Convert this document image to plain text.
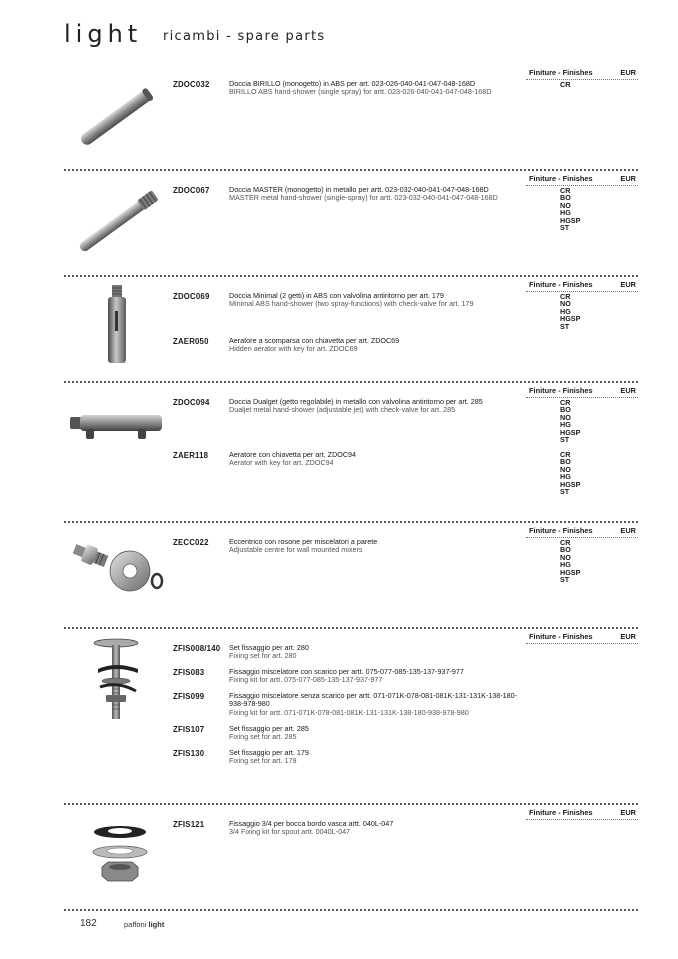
light ricambi - spare parts
Finiture - Finishes	EUR
ZDOC032	Doccia BIRILLO (monogetto) in ABS per art. 023-026-040-041-047-048-168D
BIRILLO ABS hand-shower (single spray) for artt. 023-026-040-041-047-048-168D
CR
Finiture - Finishes	EUR
ZDOC067	Doccia MASTER (monogetto) in metallo per artt. 023-032-040-041-047-048-168D
MASTER metal hand-shower (single-spray) for artt. 023-032-040-041-047-048-168D
CR
BO
NO
HG
HGSP
ST
Finiture - Finishes	EUR
ZDOC069	Doccia Minimal (2 getti) in ABS con valvolina antiritorno per art. 179
Minimal ABS hand-shower (two spray-functions) with check-valve for art. 179
CR
NO
HG
HGSP
ST
ZAER050	Aeratore a scomparsa con chiavetta per art. ZDOC69
Hidden aerator with key for art. ZDOC69
Finiture - Finishes	EUR
ZDOC094	Doccia Dualget (getto regolabile) in metallo con valvolina antiritorno per art. 285
Dualjet metal hand-shower (adjustable jet) with check-valve for art. 285
CR
BO
NO
HG
HGSP
ST
ZAER118	Aeratore con chiavetta per art. ZDOC94
Aerator with key for art. ZDOC94
CR
BO
NO
HG
HGSP
ST
Finiture - Finishes	EUR
ZECC022	Eccentrico con rosone per miscelatori a parete
Adjustable centre for wall mounted mixers
CR
BO
NO
HG
HGSP
ST
Finiture - Finishes	EUR
ZFIS008/140 Set fissaggio per art. 280
Fixing set for art. 280
ZFIS083	Fissaggio miscelatore con scarico per artt. 075-077-085-135-137-937-977
Fixing kit for artt. 075-077-085-135-137-937-977
ZFIS099	Fissaggio miscelatore senza scarico per artt. 071-071K-078-081-081K-131-131K-138-180-938-978-980
Fixing kit for artt. 071-071K-078-081-081K-131-131K-138-180-938-978-980
ZFIS107	Set fissaggio per art. 285
Fixing set for art. 285
ZFIS130	Set fissaggio per art. 179
Fixing set for art. 179
Finiture - Finishes	EUR
ZFIS121	Fissaggio 3/4 per bocca bordo vasca artt. 040L-047
3/4 Fixing kit for spout artt. 0040L-047
182	paffoni light
